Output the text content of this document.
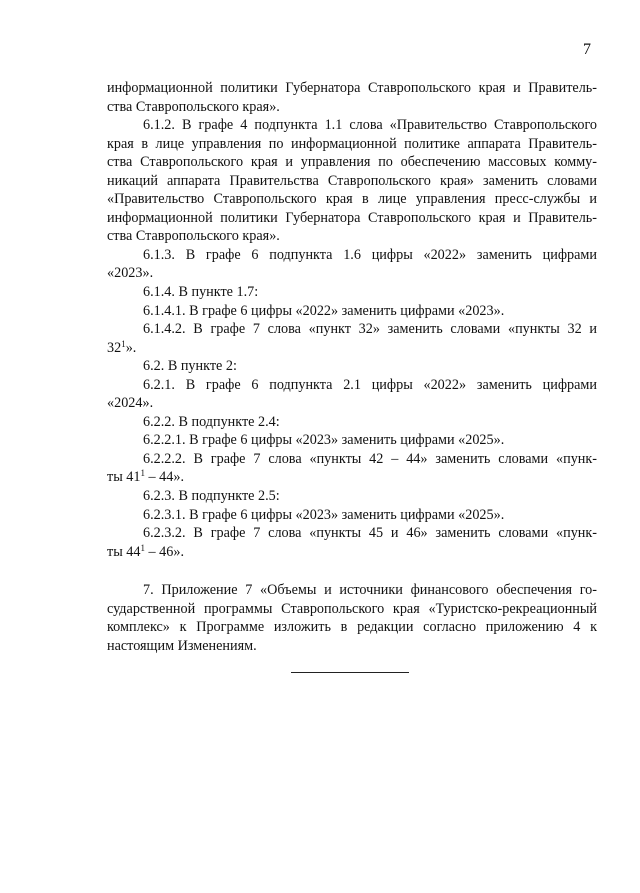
7
информационной политики Губернатора Ставропольского края и Правитель-
ства Ставропольского края».
6.1.2. В графе 4 подпункта 1.1 слова «Правительство Ставропольского
края в лице управления по информационной политике аппарата Правитель-
ства Ставропольского края и управления по обеспечению массовых комму-
никаций аппарата Правительства Ставропольского края» заменить словами
«Правительство Ставропольского края в лице управления пресс-службы и
информационной политики Губернатора Ставропольского края и Правитель-
ства Ставропольского края».
6.1.3. В графе 6 подпункта 1.6 цифры «2022» заменить цифрами
«2023».
6.1.4. В пункте 1.7:
6.1.4.1. В графе 6 цифры «2022» заменить цифрами «2023».
6.1.4.2. В графе 7 слова «пункт 32» заменить словами «пункты 32 и
$32^1$».
6.2. В пункте 2:
6.2.1. В графе 6 подпункта 2.1 цифры «2022» заменить цифрами
«2024».
6.2.2. В подпункте 2.4:
6.2.2.1. В графе 6 цифры «2023» заменить цифрами «2025».
6.2.2.2. В графе 7 слова «пункты 42 – 44» заменить словами «пунк-
ты $41^1 - 44$».
6.2.3. В подпункте 2.5:
6.2.3.1. В графе 6 цифры «2023» заменить цифрами «2025».
6.2.3.2. В графе 7 слова «пункты 45 и 46» заменить словами «пунк-
ты $44^1 - 46$».
7. Приложение 7 «Объемы и источники финансового обеспечения го-
сударственной программы Ставропольского края «Туристско-рекреационный
комплекс» к Программе изложить в редакции согласно приложению 4 к
настоящим Изменениям.
